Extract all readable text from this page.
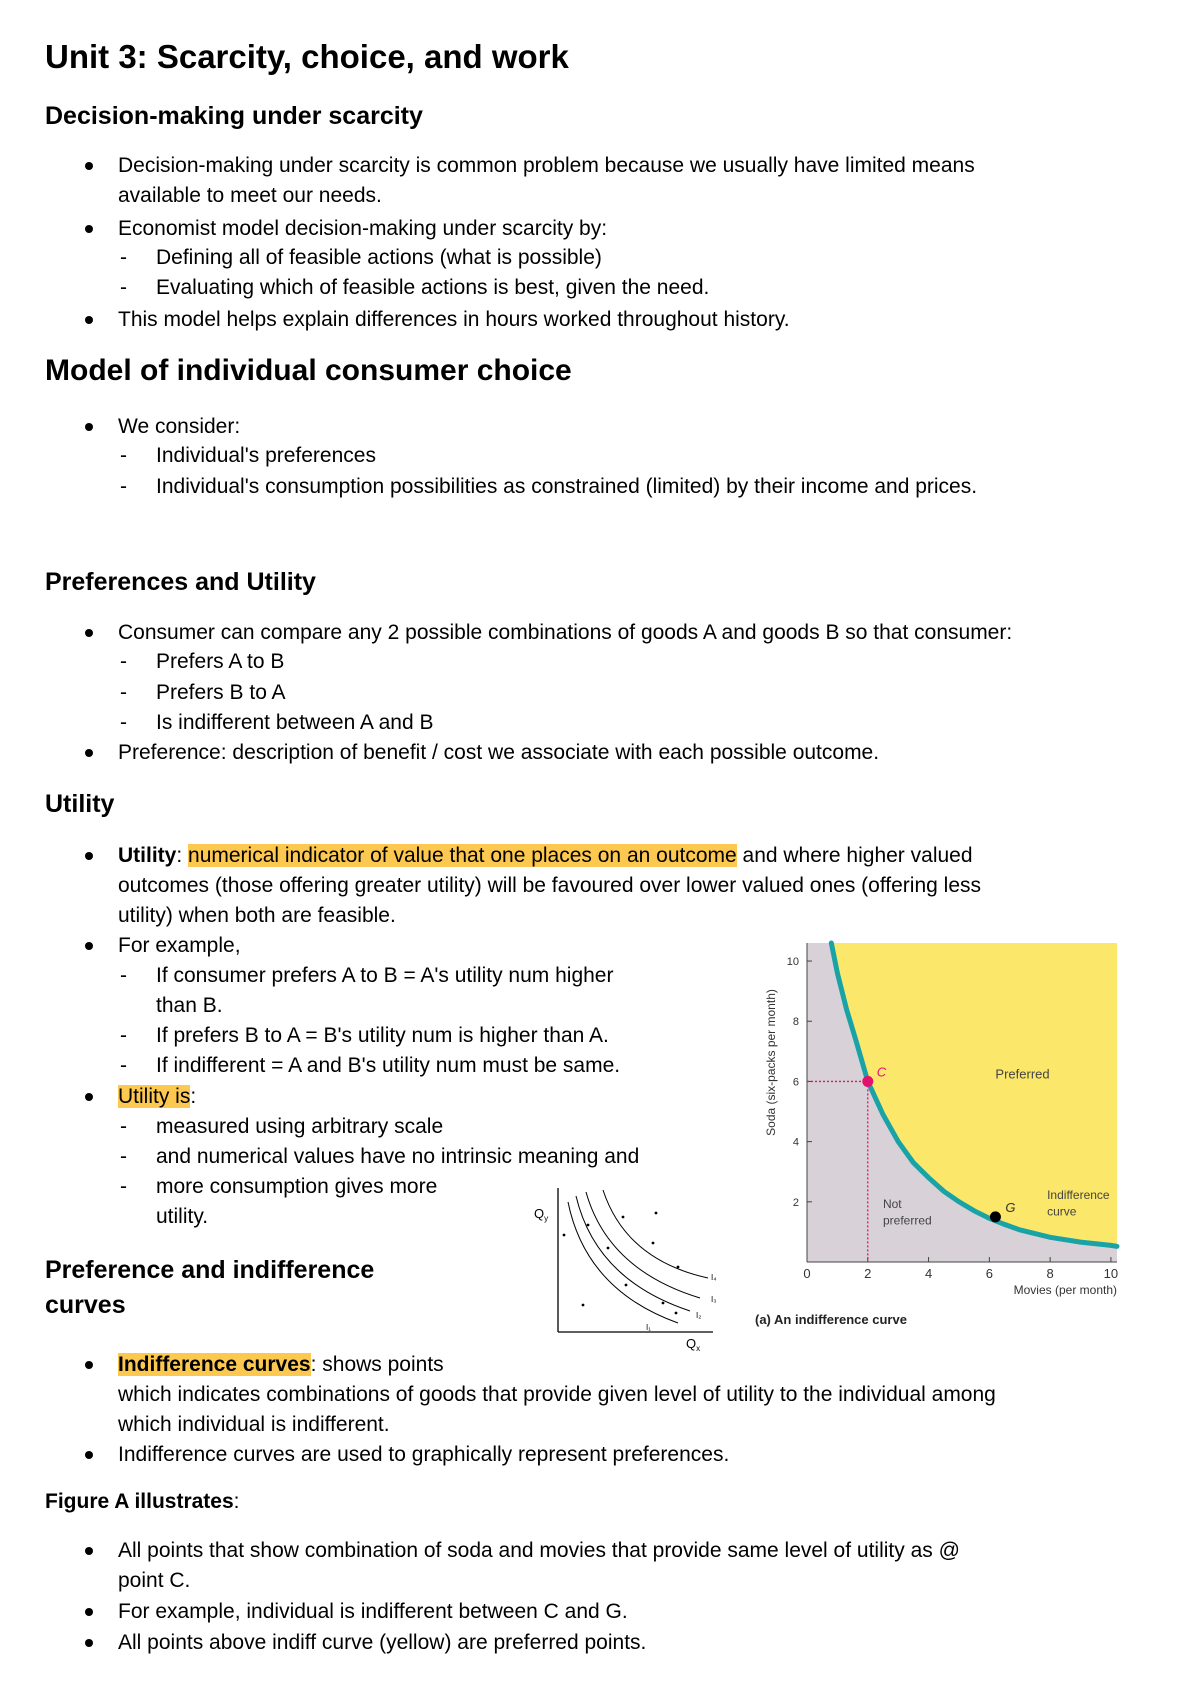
Unit 3: Scarcity, choice, and work
Decision-making under scarcity
Decision-making under scarcity is common problem because we usually have limited means
available to meet our needs.
Economist model decision-making under scarcity by:
- Defining all of feasible actions (what is possible)
- Evaluating which of feasible actions is best, given the need.
This model helps explain differences in hours worked throughout history.
Model of individual consumer choice
We consider:
- Individual's preferences
- Individual's consumption possibilities as constrained (limited) by their income and prices.
Preferences and Utility
Consumer can compare any 2 possible combinations of goods A and goods B so that consumer:
- Prefers A to B
- Prefers B to A
- Is indifferent between A and B
Preference: description of benefit / cost we associate with each possible outcome.
Utility
Utility: numerical indicator of value that one places on an outcome and where higher valued
outcomes (those offering greater utility) will be favoured over lower valued ones (offering less
utility) when both are feasible.
For example,
- If consumer prefers A to B = A's utility num higher
than B.
- If prefers B to A = B's utility num is higher than A.
- If indifferent = A and B's utility num must be same.
Utility is:
- measured using arbitrary scale
- and numerical values have no intrinsic meaning and
- more consumption gives more
utility.
Preference and indifference
curves
Indifference curves: shows points
which indicates combinations of goods that provide given level of utility to the individual among
which individual is indifferent.
Indifference curves are used to graphically represent preferences.
Figure A illustrates:
All points that show combination of soda and movies that provide same level of utility as @
point C.
For example, individual is indifferent between C and G.
All points above indiff curve (yellow) are preferred points.
$Q_y$
$Q_x$
I₄
I₃
I₂
I₁
0	2	4	6	8	10
2
4
6
8
10
C
G
Preferred
Not
preferred
Indifference
curve
Movies (per month)
Soda (six-packs per month)
(a) An indifference curve
